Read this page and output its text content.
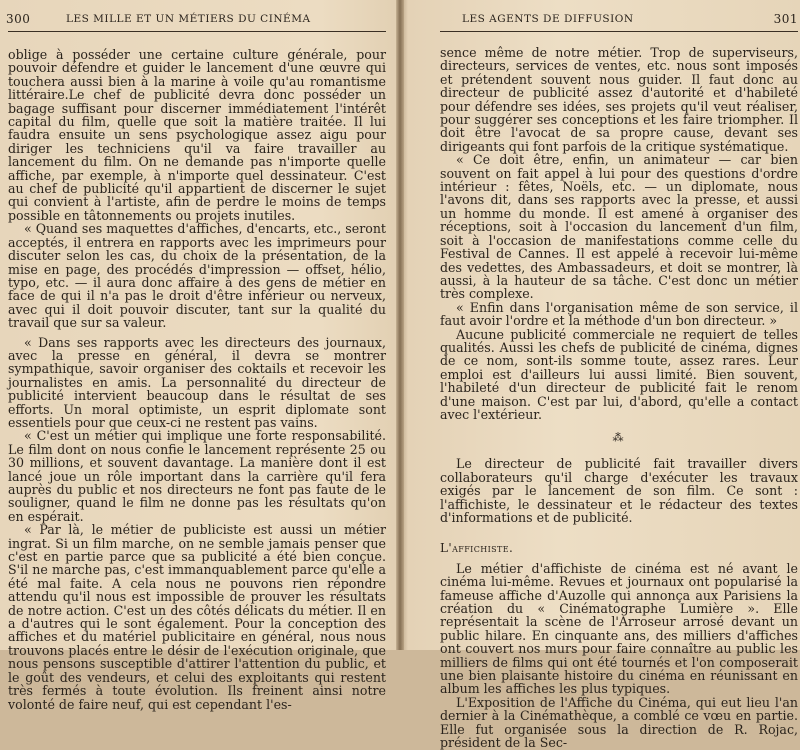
300	LES MILLE ET UN MÉTIERS DU CINÉMA

oblige à posséder une certaine culture générale, pour pouvoir défendre et guider le lancement d'une œuvre qui touchera aussi bien à la marine à voile qu'au romantisme littéraire.Le chef de publicité devra donc posséder un bagage suffisant pour discerner immédiatement l'intérêt capital du film, quelle que soit la matière traitée. Il lui faudra ensuite un sens psychologique assez aigu pour diriger les techniciens qu'il va faire travailler au lancement du film. On ne demande pas n'importe quelle affiche, par exemple, à n'importe quel dessinateur. C'est au chef de publicité qu'il appartient de discerner le sujet qui convient à l'artiste, afin de perdre le moins de temps possible en tâtonnements ou projets inutiles.

« Quand ses maquettes d'affiches, d'encarts, etc., seront acceptés, il entrera en rapports avec les imprimeurs pour discuter selon les cas, du choix de la présentation, de la mise en page, des procédés d'impression — offset, hélio, typo, etc. — il aura donc affaire à des gens de métier en face de qui il n'a pas le droit d'être inférieur ou nerveux, avec qui il doit pouvoir discuter, tant sur la qualité du travail que sur sa valeur.

« Dans ses rapports avec les directeurs des journaux, avec la presse en général, il devra se montrer sympathique, savoir organiser des coktails et recevoir les journalistes en amis. La personnalité du directeur de publicité intervient beaucoup dans le résultat de ses efforts. Un moral optimiste, un esprit diplomate sont essentiels pour que ceux-ci ne restent pas vains.

« C'est un métier qui implique une forte responsabilité. Le film dont on nous confie le lancement représente 25 ou 30 millions, et souvent davantage. La manière dont il est lancé joue un rôle important dans la carrière qu'il fera auprès du public et nos directeurs ne font pas faute de le souligner, quand le film ne donne pas les résultats qu'on en espérait.

« Par là, le métier de publiciste est aussi un métier ingrat. Si un film marche, on ne semble jamais penser que c'est en partie parce que sa publicité a été bien conçue. S'il ne marche pas, c'est immanquablement parce qu'elle a été mal faite. A cela nous ne pouvons rien répondre attendu qu'il nous est impossible de prouver les résultats de notre action. C'est un des côtés délicats du métier. Il en a d'autres qui le sont également. Pour la conception des affiches et du matériel publicitaire en général, nous nous trouvons placés entre le désir de l'exécution originale, que nous pensons susceptible d'attirer l'attention du public, et le goût des vendeurs, et celui des exploitants qui restent très fermés à toute évolution. Ils freinent ainsi notre volonté de faire neuf, qui est cependant l'es-

LES AGENTS DE DIFFUSION	301

sence même de notre métier. Trop de superviseurs, directeurs, services de ventes, etc. nous sont imposés et prétendent souvent nous guider. Il faut donc au directeur de publicité assez d'autorité et d'habileté pour défendre ses idées, ses projets qu'il veut réaliser, pour suggérer ses conceptions et les faire triompher. Il doit être l'avocat de sa propre cause, devant ses dirigeants qui font parfois de la critique systématique.

« Ce doit être, enfin, un animateur — car bien souvent on fait appel à lui pour des questions d'ordre intérieur : fêtes, Noëls, etc. — un diplomate, nous l'avons dit, dans ses rapports avec la presse, et aussi un homme du monde. Il est amené à organiser des réceptions, soit à l'occasion du lancement d'un film, soit à l'occasion de manifestations comme celle du Festival de Cannes. Il est appelé à recevoir lui-même des vedettes, des Ambassadeurs, et doit se montrer, là aussi, à la hauteur de sa tâche. C'est donc un métier très complexe.

« Enfin dans l'organisation même de son service, il faut avoir l'ordre et la méthode d'un bon directeur. »

Aucune publicité commerciale ne requiert de telles qualités. Aussi les chefs de publicité de cinéma, dignes de ce nom, sont-ils somme toute, assez rares. Leur emploi est d'ailleurs lui aussi limité. Bien souvent, l'habileté d'un directeur de publicité fait le renom d'une maison. C'est par lui, d'abord, qu'elle a contact avec l'extérieur.

⁂

Le directeur de publicité fait travailler divers collaborateurs qu'il charge d'exécuter les travaux exigés par le lancement de son film. Ce sont : l'affichiste, le dessinateur et le rédacteur des textes d'informations et de publicité.

L'affichiste.

Le métier d'affichiste de cinéma est né avant le cinéma lui-même. Revues et journaux ont popularisé la fameuse affiche d'Auzolle qui annonça aux Parisiens la création du « Cinématographe Lumière ». Elle représentait la scène de l'Arroseur arrosé devant un public hilare. En cinquante ans, des milliers d'affiches ont couvert nos murs pour faire connaître au public les milliers de films qui ont été tournés et l'on composerait une bien plaisante histoire du cinéma en réunissant en album les affiches les plus typiques.

L'Exposition de l'Affiche du Cinéma, qui eut lieu l'an dernier à la Cinémathèque, a comblé ce vœu en partie. Elle fut organisée sous la direction de R. Rojac, président de la Sec-
